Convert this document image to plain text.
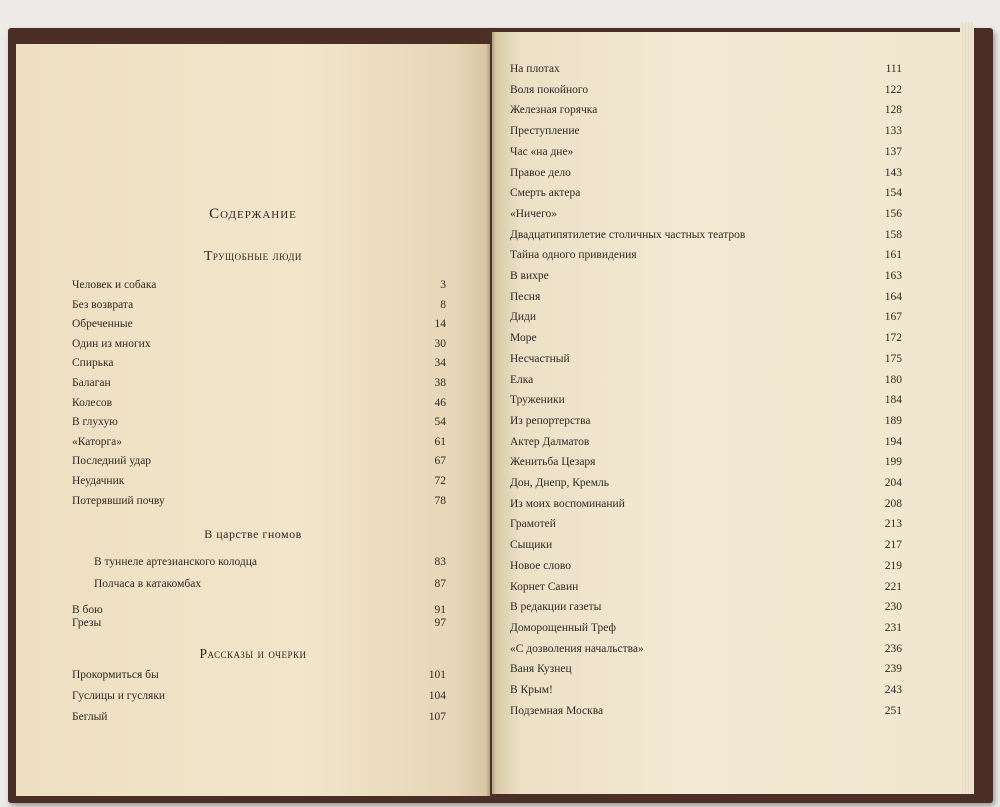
Содержание
Трущобные люди
В царстве гномов
Рассказы и очерки
Человек и собака	3
Без возврата	8
Обреченные	14
Один из многих	30
Спирька	34
Балаган	38
Колесов	46
В глухую	54
«Каторга»	61
Последний удар	67
Неудачник	72
Потерявший почву	78
В туннеле артезианского колодца	83
Полчаса в катакомбах	87
В бою	91
Грезы	97
Прокормиться бы	101
Гуслицы и гусляки	104
Беглый	107
На плотах	111
Воля покойного	122
Железная горячка	128
Преступление	133
Час «на дне»	137
Правое дело	143
Смерть актера	154
«Ничего»	156
Двадцатипятилетие столичных частных театров	158
Тайна одного привидения	161
В вихре	163
Песня	164
Диди	167
Море	172
Несчастный	175
Елка	180
Труженики	184
Из репортерства	189
Актер Далматов	194
Женитьба Цезаря	199
Дон, Днепр, Кремль	204
Из моих воспоминаний	208
Грамотей	213
Сыщики	217
Новое слово	219
Корнет Савин	221
В редакции газеты	230
Доморощенный Треф	231
«С дозволения начальства»	236
Ваня Кузнец	239
В Крым!	243
Подземная Москва	251
